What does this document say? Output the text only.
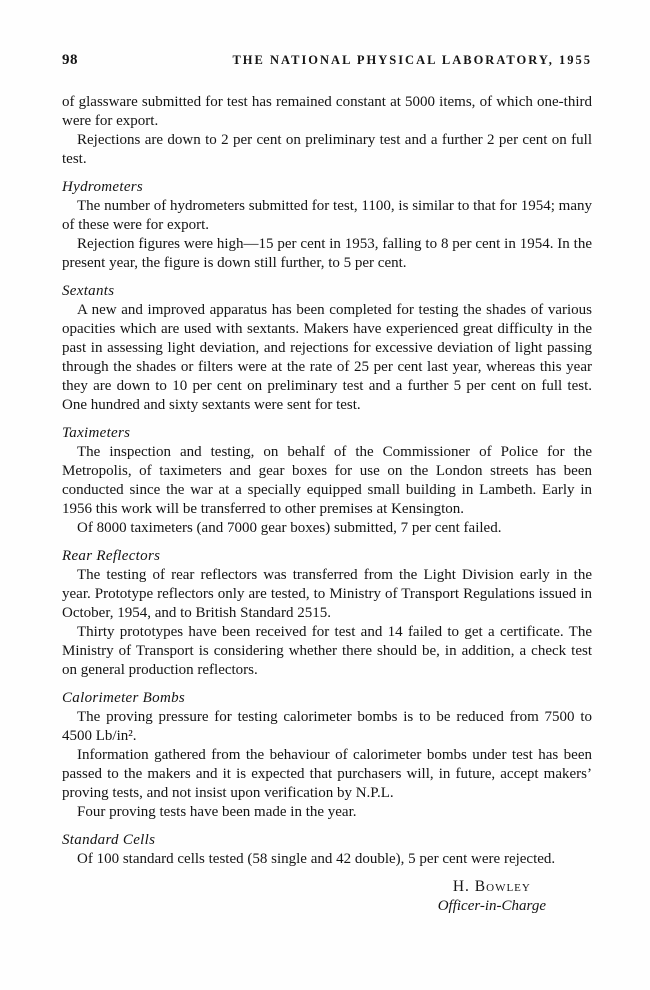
98	THE NATIONAL PHYSICAL LABORATORY, 1955

of glassware submitted for test has remained constant at 5000 items, of which one-third were for export.

Rejections are down to 2 per cent on preliminary test and a further 2 per cent on full test.

Hydrometers

The number of hydrometers submitted for test, 1100, is similar to that for 1954; many of these were for export.

Rejection figures were high—15 per cent in 1953, falling to 8 per cent in 1954. In the present year, the figure is down still further, to 5 per cent.

Sextants

A new and improved apparatus has been completed for testing the shades of various opacities which are used with sextants. Makers have experienced great difficulty in the past in assessing light deviation, and rejections for excessive deviation of light passing through the shades or filters were at the rate of 25 per cent last year, whereas this year they are down to 10 per cent on preliminary test and a further 5 per cent on full test. One hundred and sixty sextants were sent for test.

Taximeters

The inspection and testing, on behalf of the Commissioner of Police for the Metropolis, of taximeters and gear boxes for use on the London streets has been conducted since the war at a specially equipped small building in Lambeth. Early in 1956 this work will be transferred to other premises at Kensington.

Of 8000 taximeters (and 7000 gear boxes) submitted, 7 per cent failed.

Rear Reflectors

The testing of rear reflectors was transferred from the Light Division early in the year. Prototype reflectors only are tested, to Ministry of Transport Regulations issued in October, 1954, and to British Standard 2515.

Thirty prototypes have been received for test and 14 failed to get a certificate. The Ministry of Transport is considering whether there should be, in addition, a check test on general production reflectors.

Calorimeter Bombs

The proving pressure for testing calorimeter bombs is to be reduced from 7500 to 4500 Lb/in².

Information gathered from the behaviour of calorimeter bombs under test has been passed to the makers and it is expected that purchasers will, in future, accept makers’ proving tests, and not insist upon verification by N.P.L.

Four proving tests have been made in the year.

Standard Cells

Of 100 standard cells tested (58 single and 42 double), 5 per cent were rejected.

H. Bowley
Officer-in-Charge
